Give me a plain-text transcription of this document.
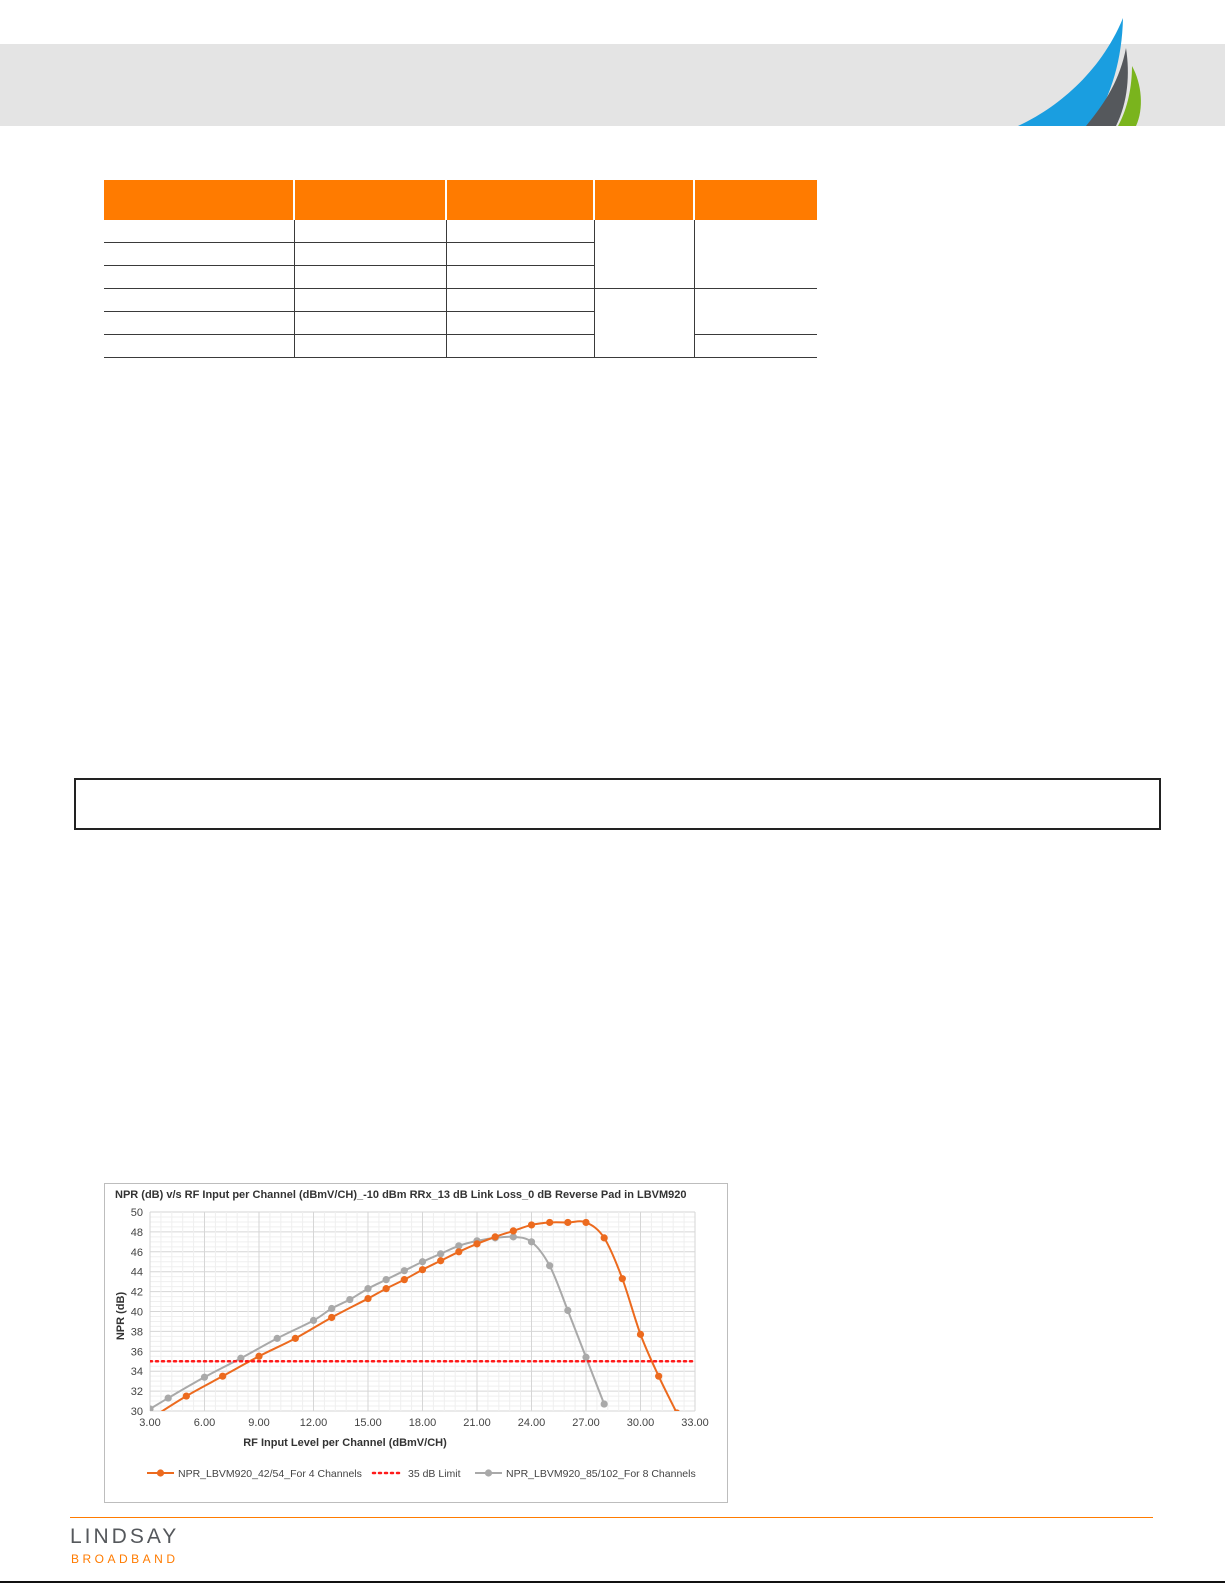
NPR (dB) v/s RF Input per Channel (dBmV/CH)_-10 dBm RRx_13 dB Link Loss_0 dB Reverse Pad in LBVM920
30
32
34
36
38
40
42
44
46
48
50
3.00	6.00	9.00	12.00 15.00 18.00 21.00 24.00 27.00 30.00 33.00
RF Input Level per Channel (dBmV/CH)
NPR (dB)
NPR_LBVM920_42/54_For 4 Channels	35 dB Limit	NPR_LBVM920_85/102_For 8 Channels
LINDSAY
BROADBAND
